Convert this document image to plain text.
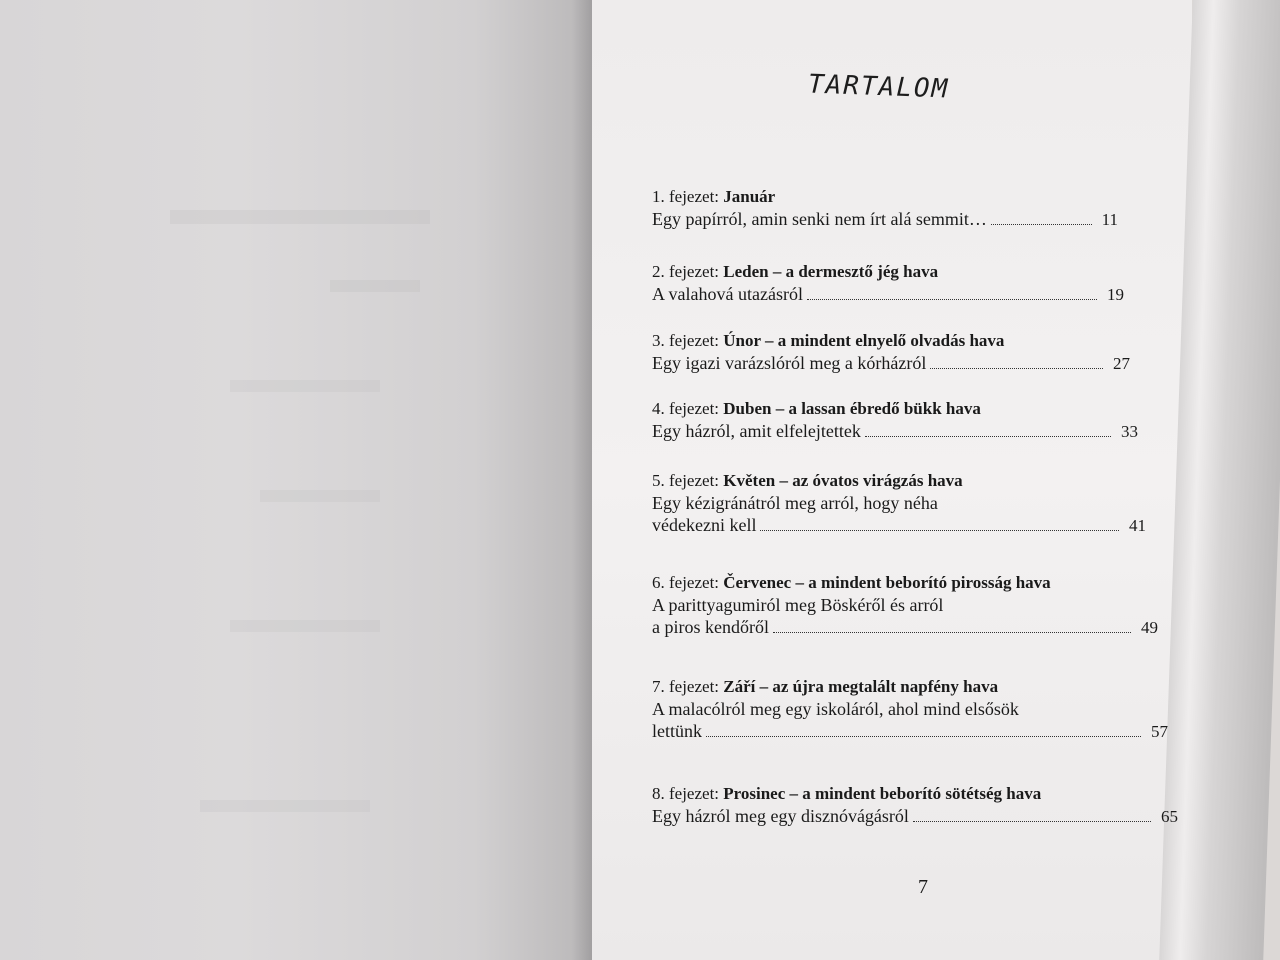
TARTALOM
1. fejezet: Január
Egy papírról, amin senki nem írt alá semmit…	11
2. fejezet: Leden – a dermesztő jég hava
A valahová utazásról	19
3. fejezet: Únor – a mindent elnyelő olvadás hava
Egy igazi varázslóról meg a kórházról	27
4. fejezet: Duben – a lassan ébredő bükk hava
Egy házról, amit elfelejtettek	33
5. fejezet: Květen – az óvatos virágzás hava
Egy kézigránátról meg arról, hogy néha
védekezni kell	41
6. fejezet: Červenec – a mindent beborító pirosság hava
A parittyagumiról meg Böskéről és arról
a piros kendőről	49
7. fejezet: Září – az újra megtalált napfény hava
A malacólról meg egy iskoláról, ahol mind elsősök
lettünk	57
8. fejezet: Prosinec – a mindent beborító sötétség hava
Egy házról meg egy disznóvágásról	65
7
